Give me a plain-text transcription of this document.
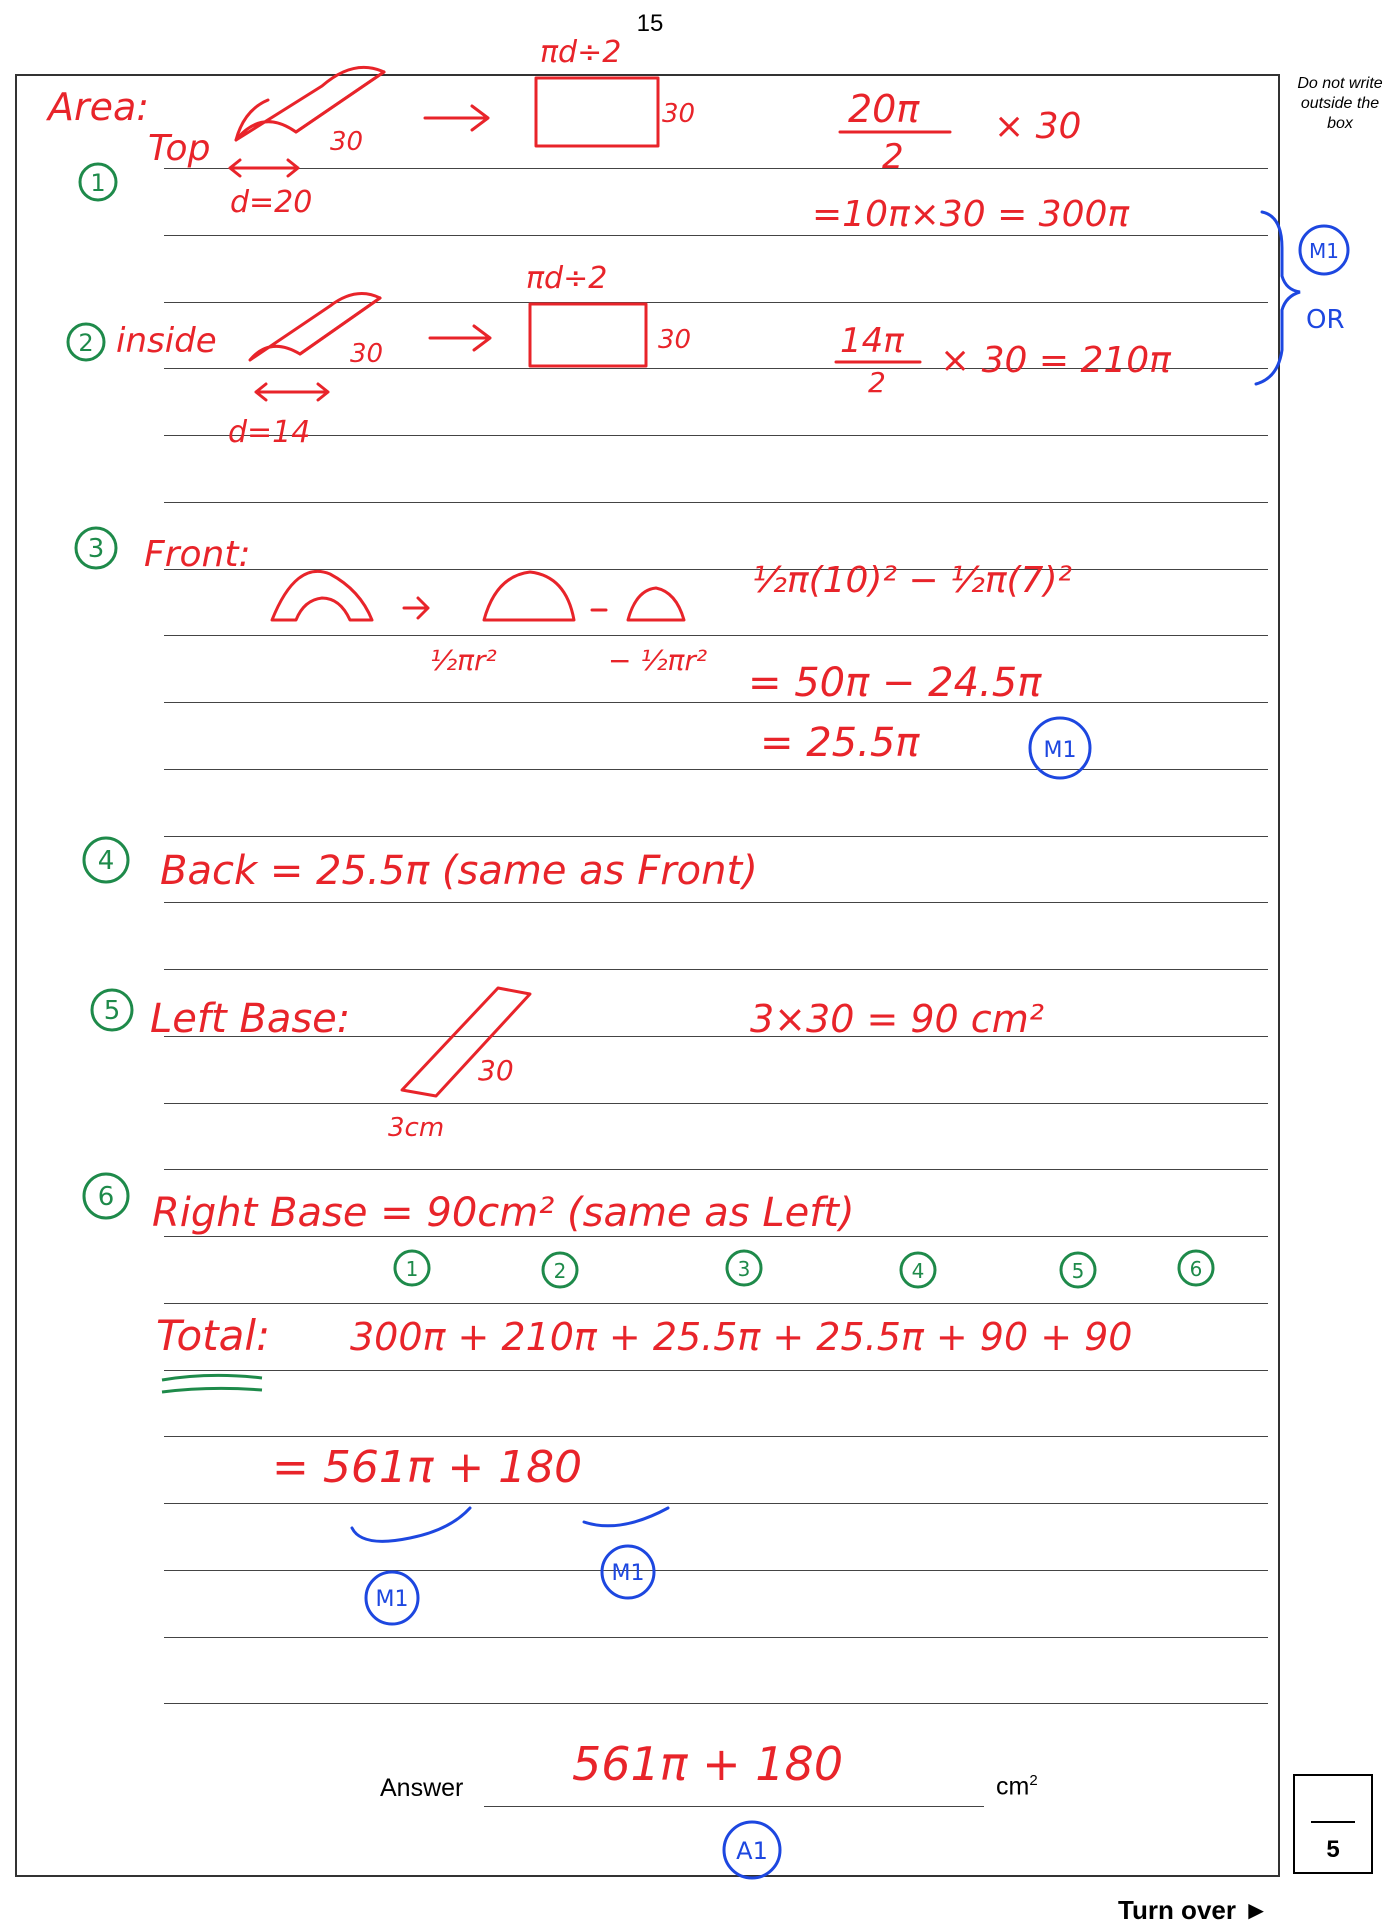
15
Do not write outside the box
Answer	$cm^2$
5
Turn over ►
Area:
Top
1
30
d=20
πd÷2
30	20π
2
× 30
=10π×30 = 300π
M1
OR
2 inside	30
d=14
πd÷2
30	14π
2
× 30 = 210π
3 Front:
½π(10)² − ½π(7)²
½πr²	− ½πr² = 50π − 24.5π
= 25.5π	M1
4 Back = 25.5π (same as Front)
5 Left Base:
30
3cm
3×30 = 90 cm²
6 Right Base = 90cm² (same as Left)
1	2	3	4	5	6
Total: 300π + 210π + 25.5π + 25.5π + 90 + 90
= 561π + 180
M1
M1
561π + 180
A1
